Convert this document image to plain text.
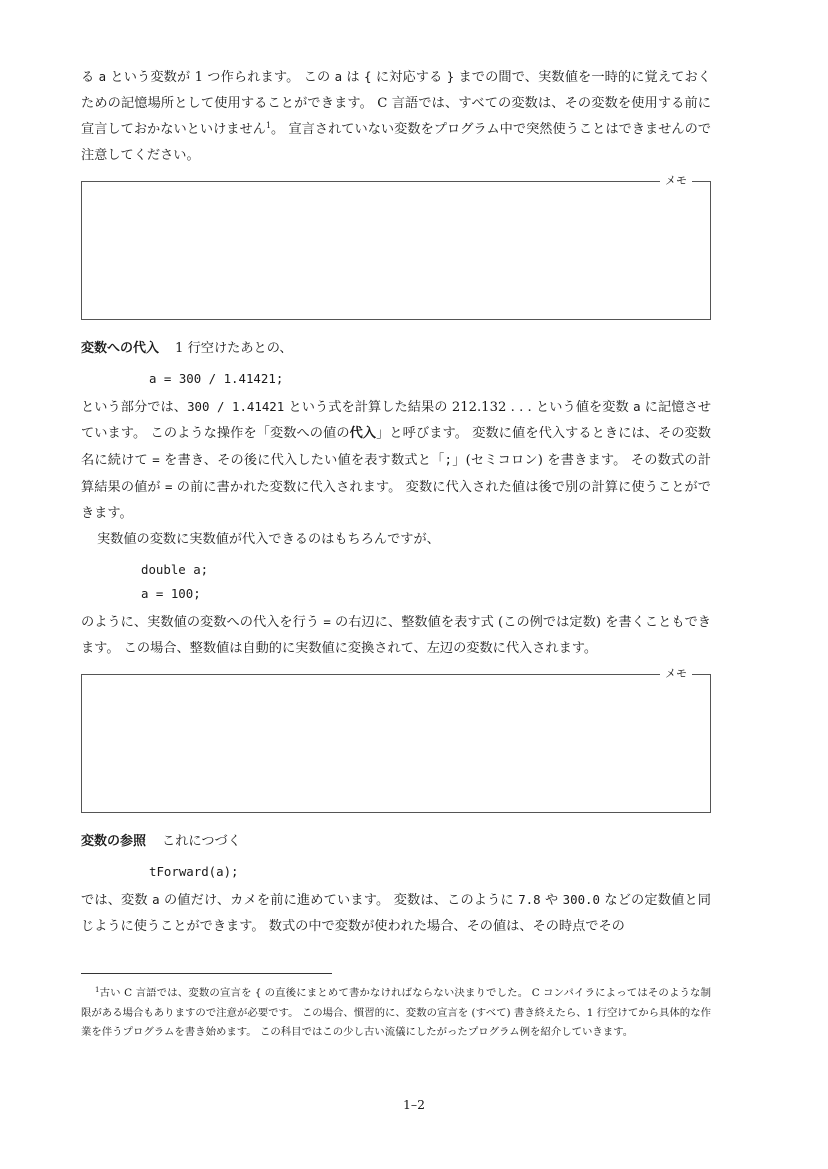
る a という変数が 1 つ作られます。 この a は { に対応する } までの間で、実数値を一時的に覚えておくための記憶場所として使用することができます。 C 言語では、すべての変数は、その変数を使用する前に宣言しておかないといけません$^1$。 宣言されていない変数をプログラム中で突然使うことはできませんので注意してください。

メモ

変数への代入 1 行空けたあとの、

a = 300 / 1.41421;

という部分では、300 / 1.41421 という式を計算した結果の 212.132 . . . という値を変数 a に記憶させています。 このような操作を「変数への値の代入」と呼びます。 変数に値を代入するときには、その変数名に続けて = を書き、その後に代入したい値を表す数式と「;」(セミコロン) を書きます。 その数式の計算結果の値が = の前に書かれた変数に代入されます。 変数に代入された値は後で別の計算に使うことができます。

実数値の変数に実数値が代入できるのはもちろんですが、

double a;
a = 100;

のように、実数値の変数への代入を行う = の右辺に、整数値を表す式 (この例では定数) を書くこともできます。 この場合、整数値は自動的に実数値に変換されて、左辺の変数に代入されます。

メモ

変数の参照 これにつづく

tForward(a);

では、変数 a の値だけ、カメを前に進めています。 変数は、このように 7.8 や 300.0 などの定数値と同じように使うことができます。 数式の中で変数が使われた場合、その値は、その時点でその

$^1$古い C 言語では、変数の宣言を { の直後にまとめて書かなければならない決まりでした。 C コンパイラによってはそのような制限がある場合もありますので注意が必要です。 この場合、慣習的に、変数の宣言を (すべて) 書き終えたら、1 行空けてから具体的な作業を伴うプログラムを書き始めます。 この科目ではこの少し古い流儀にしたがったプログラム例を紹介していきます。
1–2
